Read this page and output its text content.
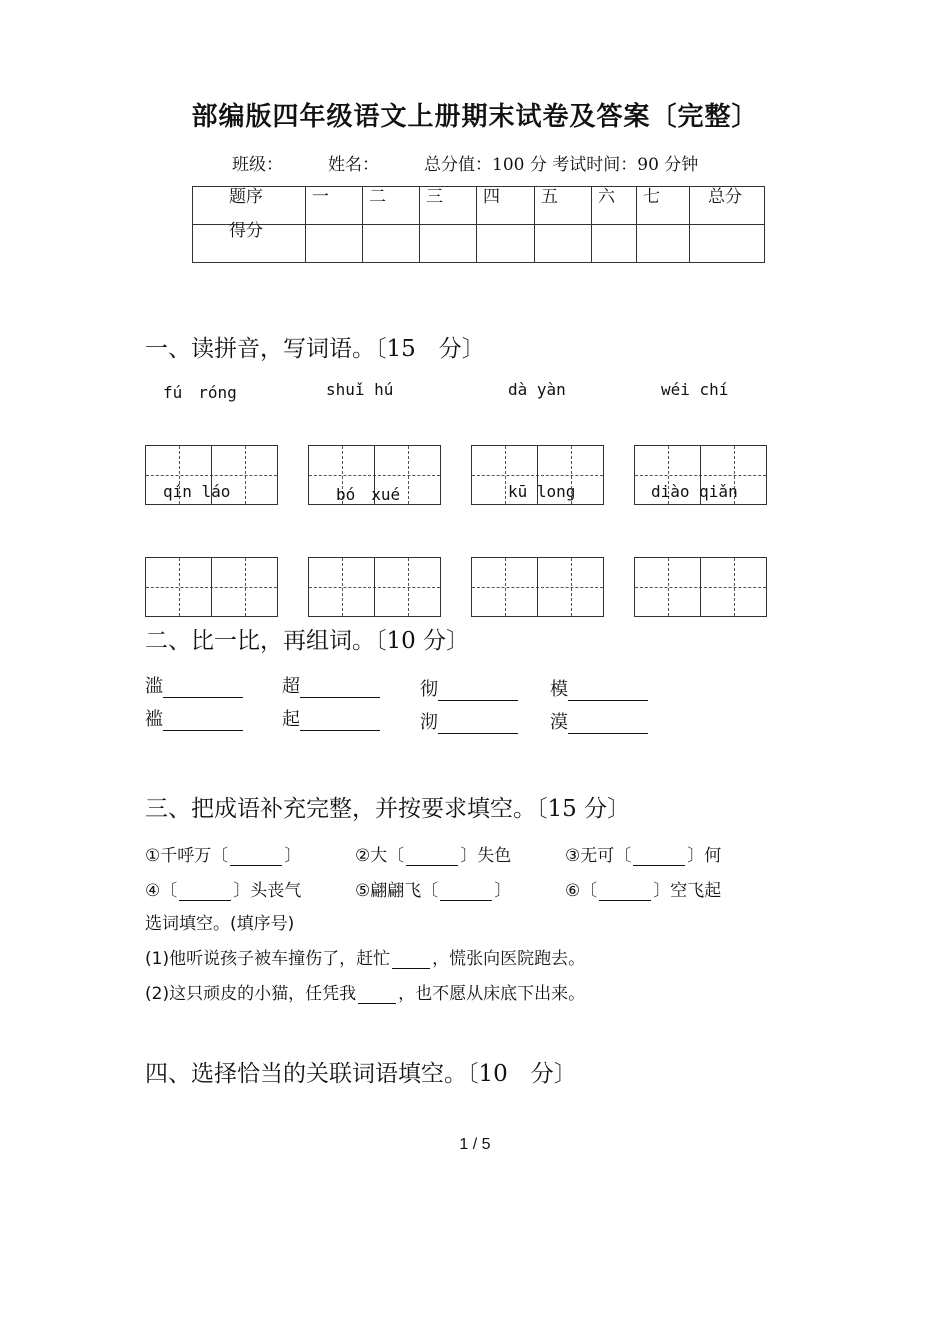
部编版四年级语文上册期末试卷及答案〔完整〕
班级：	姓名：	总分值：100 分 考试时间：90 分钟
题序	一	二	三	四	五	六	七	总分

得分								

一、读拼音，写词语。〔15　分〕
fú　róng	shuǐ hú	dà yàn	wéi chí
qín láo	bó　xué	kū long	diào qiǎn
二、比一比，再组词。〔10 分〕
滥	超	彻	模
褴	起	沏	漠
三、把成语补充完整，并按要求填空。〔15 分〕
①千呼万〔	〕	②大〔	〕失色	③无可〔	〕何
④〔	〕头丧气	⑤翩翩飞〔	〕	⑥〔	〕空飞起
选词填空。(填序号)
(1)他听说孩子被车撞伤了，赶忙 ，慌张向医院跑去。
(2)这只顽皮的小猫，任凭我 ，也不愿从床底下出来。
四、选择恰当的关联词语填空。〔10　分〕
1 / 5
